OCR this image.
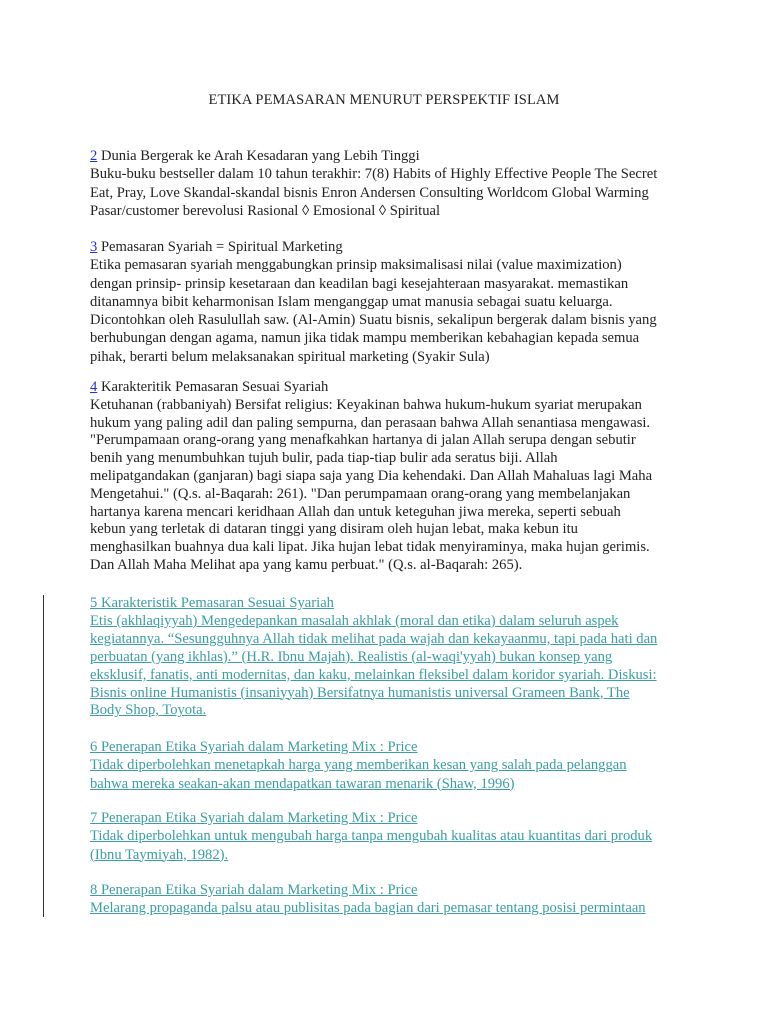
ETIKA PEMASARAN MENURUT PERSPEKTIF ISLAM
2 Dunia Bergerak ke Arah Kesadaran yang Lebih Tinggi
Buku-buku bestseller dalam 10 tahun terakhir: 7(8) Habits of Highly Effective People The Secret
Eat, Pray, Love Skandal-skandal bisnis Enron Andersen Consulting Worldcom Global Warming
Pasar/customer berevolusi Rasional ◊ Emosional ◊ Spiritual
3 Pemasaran Syariah = Spiritual Marketing
Etika pemasaran syariah menggabungkan prinsip maksimalisasi nilai (value maximization)
dengan prinsip- prinsip kesetaraan dan keadilan bagi kesejahteraan masyarakat. memastikan
ditanamnya bibit keharmonisan Islam menganggap umat manusia sebagai suatu keluarga.
Dicontohkan oleh Rasulullah saw. (Al-Amin) Suatu bisnis, sekalipun bergerak dalam bisnis yang
berhubungan dengan agama, namun jika tidak mampu memberikan kebahagian kepada semua
pihak, berarti belum melaksanakan spiritual marketing (Syakir Sula)
4 Karakteritik Pemasaran Sesuai Syariah
Ketuhanan (rabbaniyah) Bersifat religius: Keyakinan bahwa hukum-hukum syariat merupakan
hukum yang paling adil dan paling sempurna, dan perasaan bahwa Allah senantiasa mengawasi.
"Perumpamaan orang-orang yang menafkahkan hartanya di jalan Allah serupa dengan sebutir
benih yang menumbuhkan tujuh bulir, pada tiap-tiap bulir ada seratus biji. Allah
melipatgandakan (ganjaran) bagi siapa saja yang Dia kehendaki. Dan Allah Mahaluas lagi Maha
Mengetahui." (Q.s. al-Baqarah: 261). "Dan perumpamaan orang-orang yang membelanjakan
hartanya karena mencari keridhaan Allah dan untuk keteguhan jiwa mereka, seperti sebuah
kebun yang terletak di dataran tinggi yang disiram oleh hujan lebat, maka kebun itu
menghasilkan buahnya dua kali lipat. Jika hujan lebat tidak menyiraminya, maka hujan gerimis.
Dan Allah Maha Melihat apa yang kamu perbuat." (Q.s. al-Baqarah: 265).
5 Karakteristik Pemasaran Sesuai Syariah
Etis (akhlaqiyyah) Mengedepankan masalah akhlak (moral dan etika) dalam seluruh aspek
kegiatannya. “Sesungguhnya Allah tidak melihat pada wajah dan kekayaanmu, tapi pada hati dan
perbuatan (yang ikhlas).” (H.R. Ibnu Majah). Realistis (al-waqi'yyah) bukan konsep yang
eksklusif, fanatis, anti modernitas, dan kaku, melainkan fleksibel dalam koridor syariah. Diskusi:
Bisnis online Humanistis (insaniyyah) Bersifatnya humanistis universal Grameen Bank, The
Body Shop, Toyota.
6 Penerapan Etika Syariah dalam Marketing Mix : Price
Tidak diperbolehkan menetapkah harga yang memberikan kesan yang salah pada pelanggan
bahwa mereka seakan-akan mendapatkan tawaran menarik (Shaw, 1996)
7 Penerapan Etika Syariah dalam Marketing Mix : Price
Tidak diperbolehkan untuk mengubah harga tanpa mengubah kualitas atau kuantitas dari produk
(Ibnu Taymiyah, 1982).
8 Penerapan Etika Syariah dalam Marketing Mix : Price
Melarang propaganda palsu atau publisitas pada bagian dari pemasar tentang posisi permintaan
